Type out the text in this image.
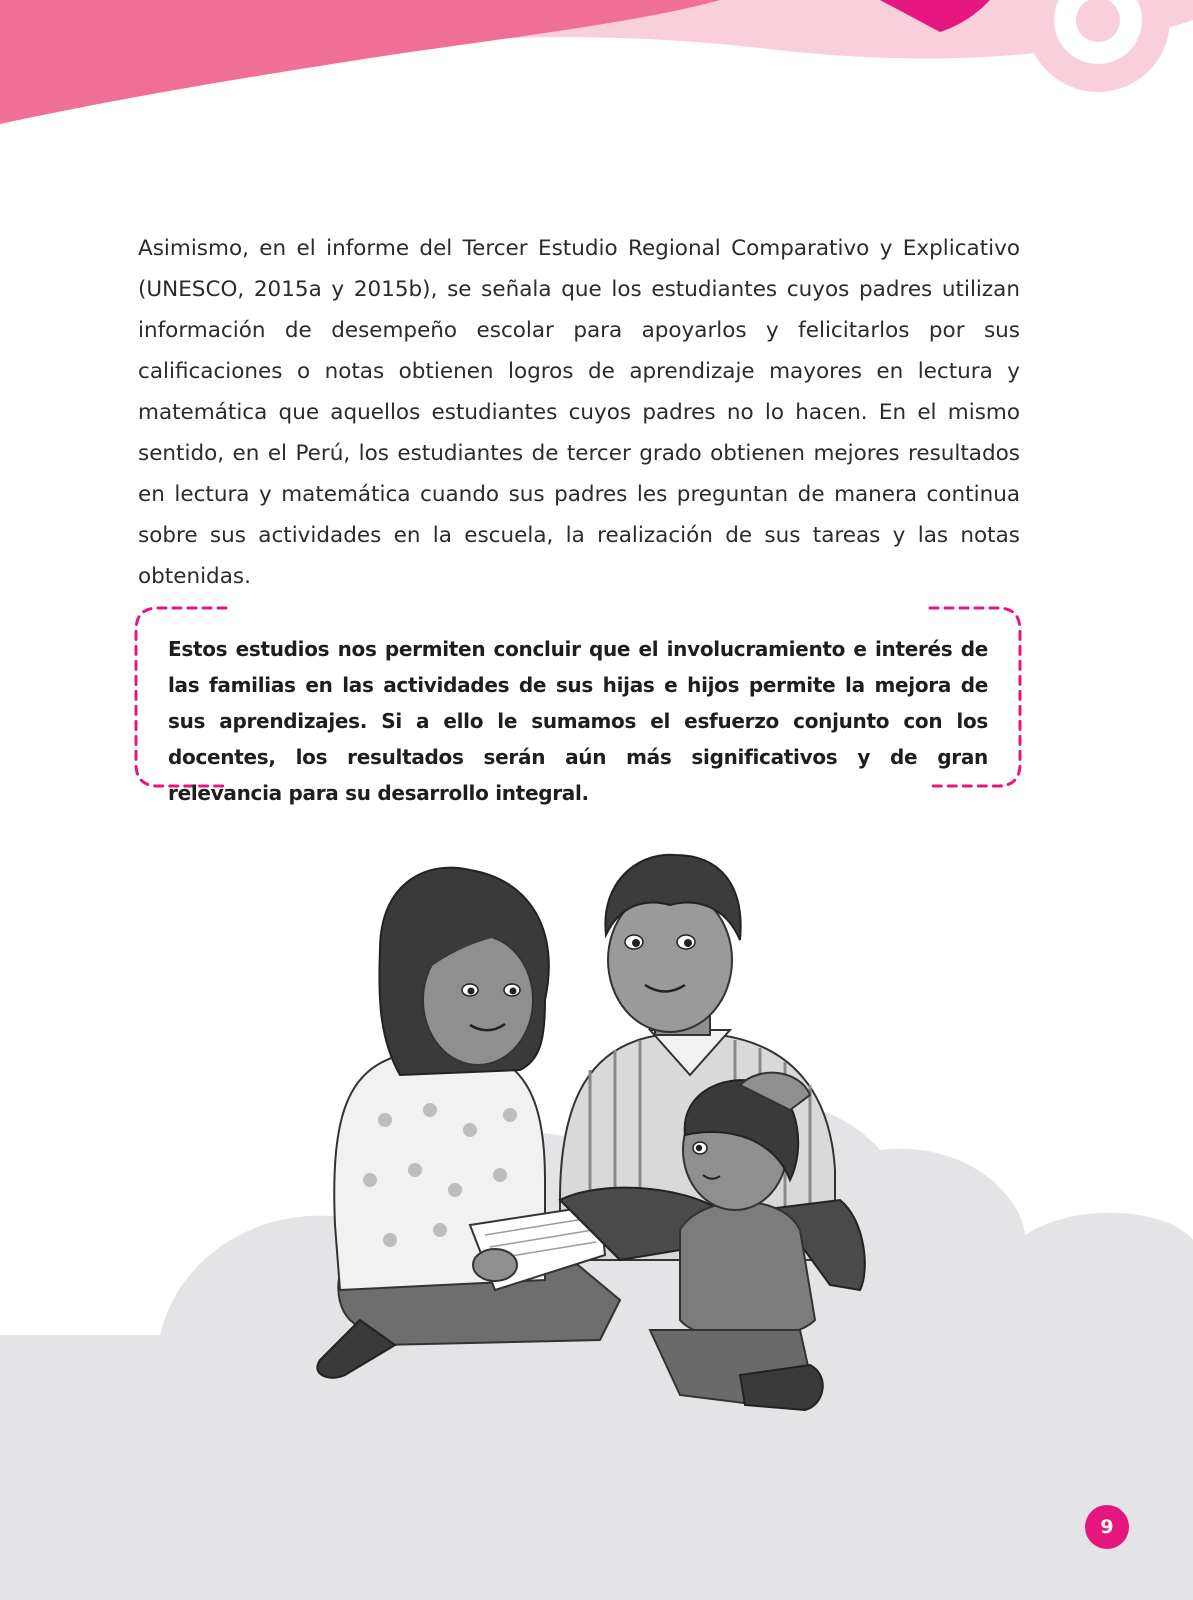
Asimismo, en el informe del Tercer Estudio Regional Comparativo y Explicativo (UNESCO, 2015a y 2015b), se señala que los estudiantes cuyos padres utilizan información de desempeño escolar para apoyarlos y felicitarlos por sus calificaciones o notas obtienen logros de aprendizaje mayores en lectura y matemática que aquellos estudiantes cuyos padres no lo hacen. En el mismo sentido, en el Perú, los estudiantes de tercer grado obtienen mejores resultados en lectura y matemática cuando sus padres les preguntan de manera continua sobre sus actividades en la escuela, la realización de sus tareas y las notas obtenidas.

Estos estudios nos permiten concluir que el involucramiento e interés de las familias en las actividades de sus hijas e hijos permite la mejora de sus aprendizajes. Si a ello le sumamos el esfuerzo conjunto con los docentes, los resultados serán aún más significativos y de gran relevancia para su desarrollo integral.

9
